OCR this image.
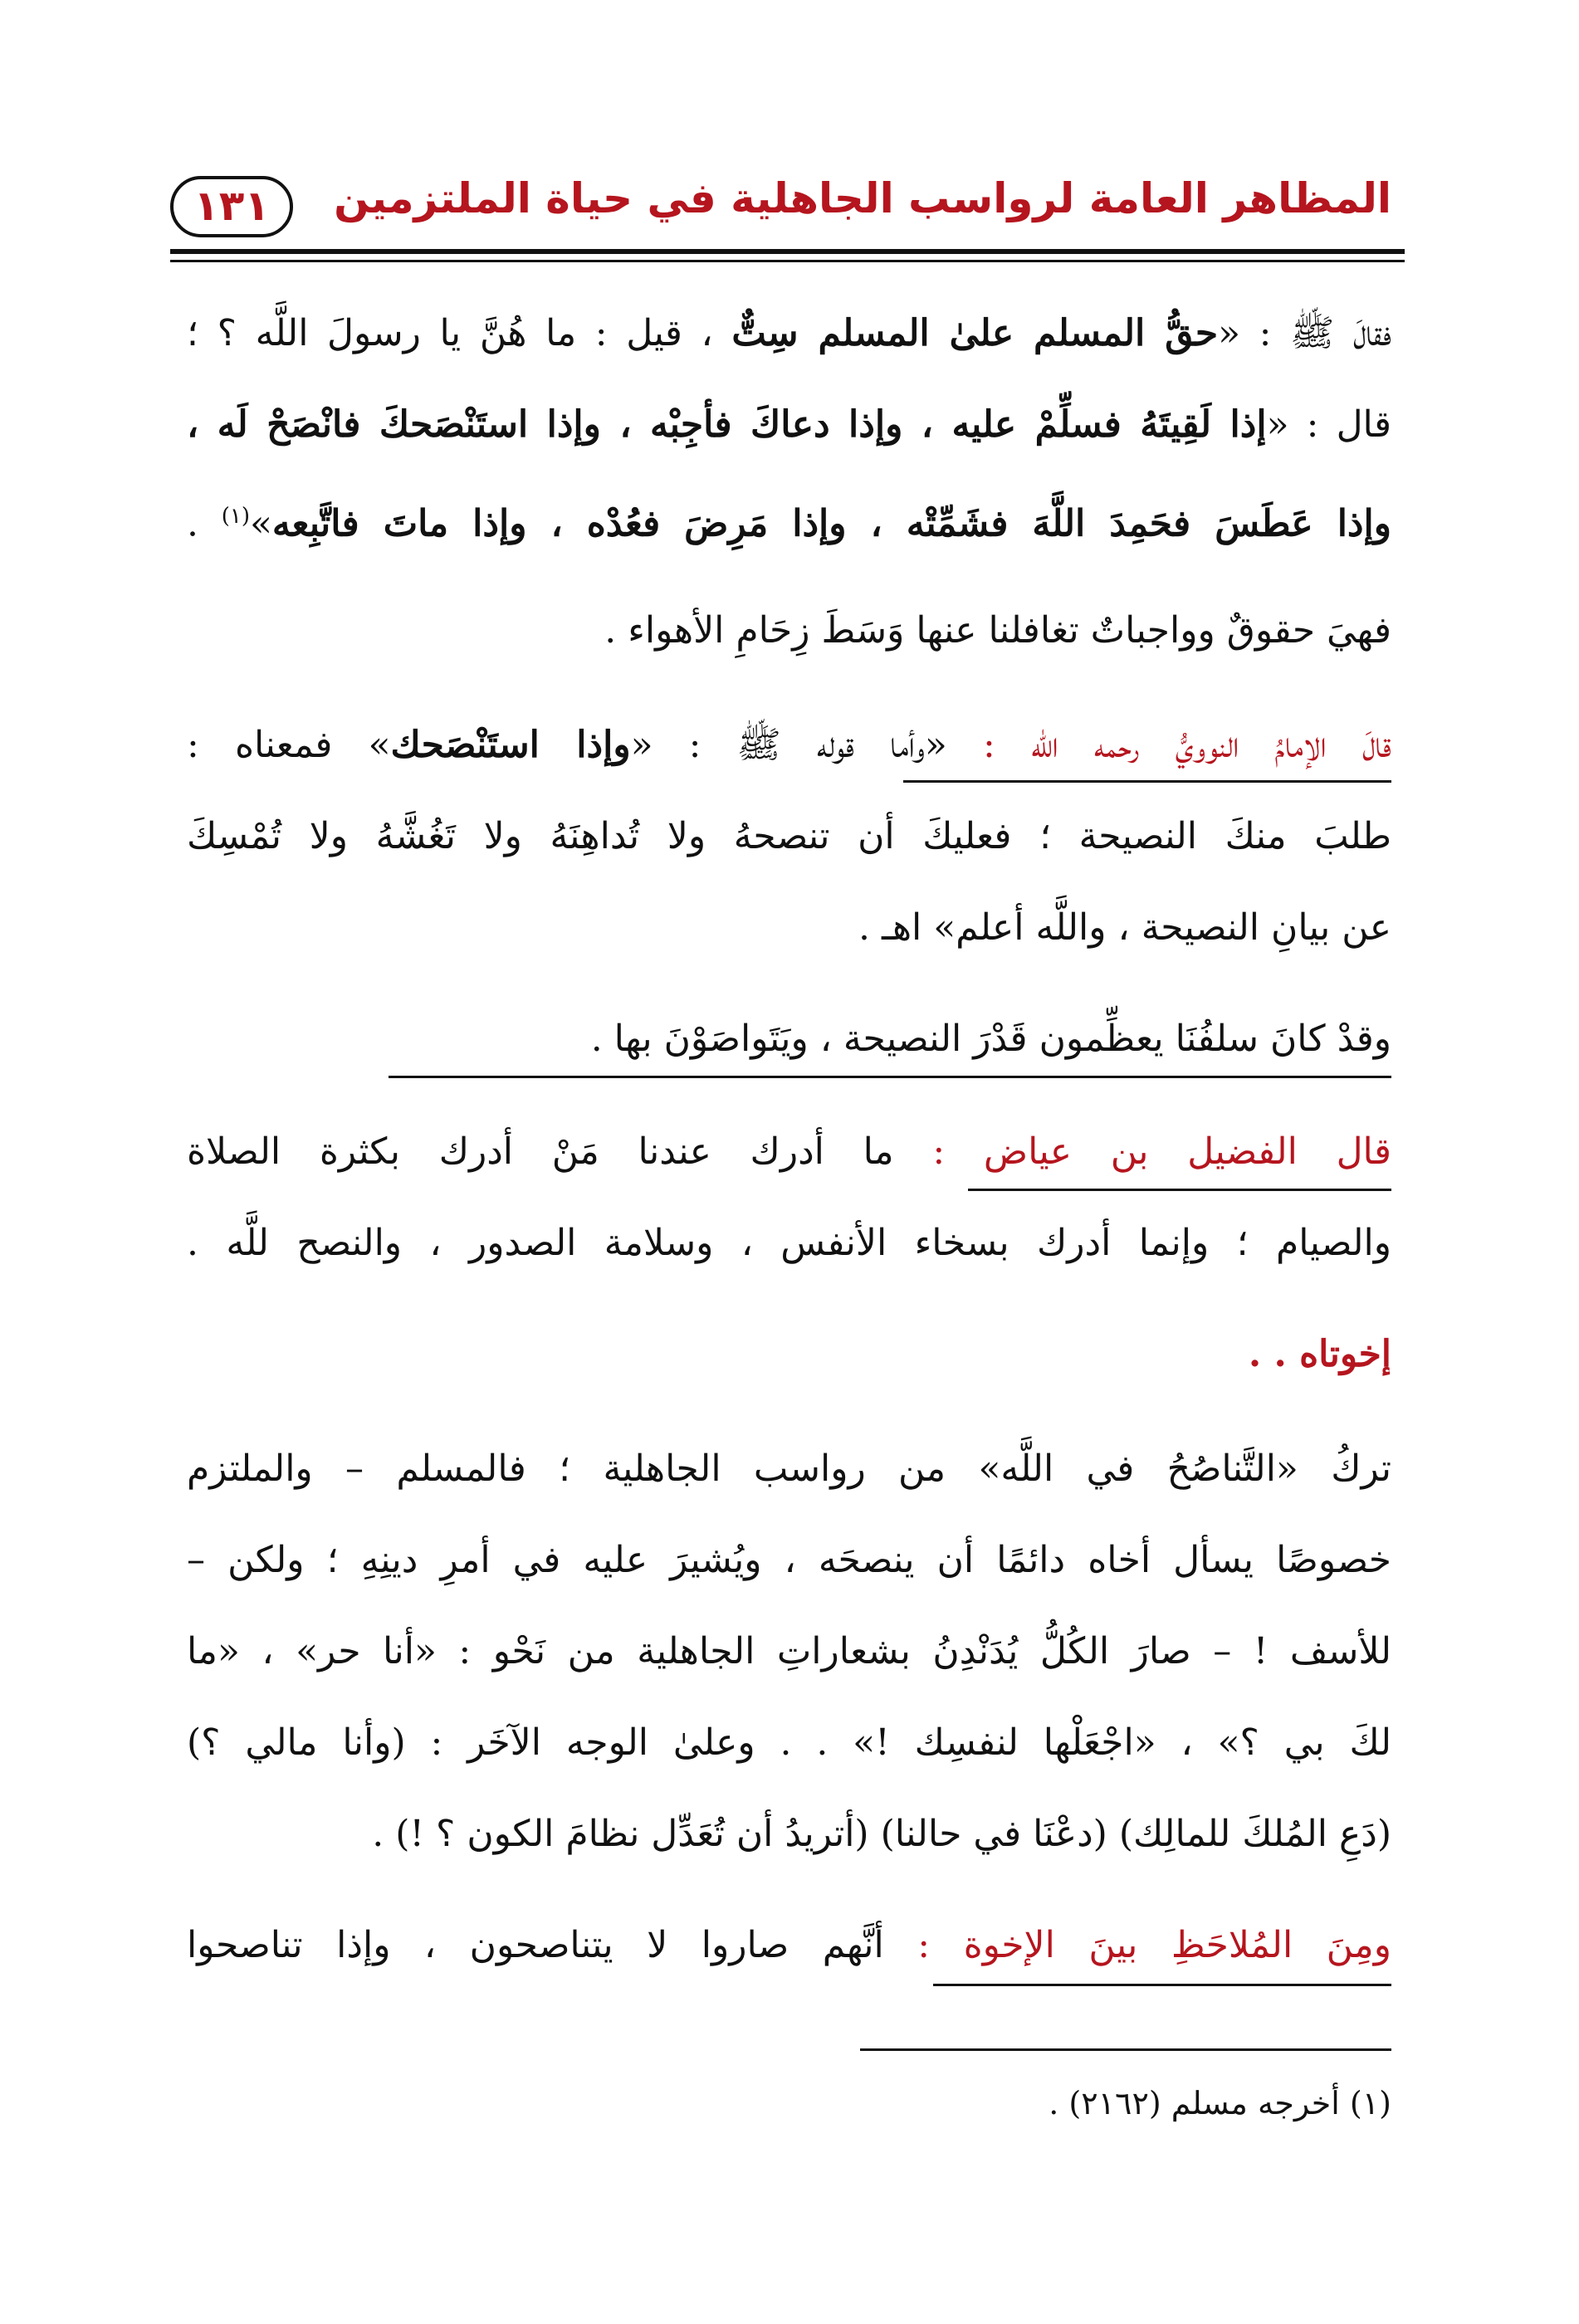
المظاهر العامة لرواسب الجاهلية في حياة الملتزمين
١٣١
فقالَ ﷺ : «حقُّ المسلم علىٰ المسلم سِتٌّ ، قيل : ما هُنَّ يا رسولَ اللَّه ؟ ؛
قال : «إذا لَقِيتَهُ فسلِّمْ عليه ، وإذا دعاكَ فأجِبْه ، وإذا استَنْصَحكَ فانْصَحْ لَه ،
وإذا عَطَسَ فحَمِدَ اللَّهَ فشَمِّتْه ، وإذا مَرِضَ فعُدْه ، وإذا ماتَ فاتَّبِعه»$^{(١)}$ .
فهيَ حقوقٌ وواجباتٌ تغافلنا عنها وَسَطَ زِحَامِ الأهواء .
قالَ الإمامُ النوويُّ رحمه الله : «وأما قوله ﷺ : «وإذا استَنْصَحك» فمعناه :
طلبَ منكَ النصيحة ؛ فعليكَ أن تنصحهُ ولا تُداهِنَهُ ولا تَغُشَّهُ ولا تُمْسِكَ
عن بيانِ النصيحة ، واللَّه أعلم» اهـ .
وقدْ كانَ سلفُنَا يعظِّمون قَدْرَ النصيحة ، ويَتَواصَوْنَ بها .
قال الفضيل بن عياض : ما أدرك عندنا مَنْ أدرك بكثرة الصلاة
والصيام ؛ وإنما أدرك بسخاء الأنفس ، وسلامة الصدور ، والنصح للَّه .
إخوتاه . .
تركُ «التَّناصُحُ في اللَّه» من رواسب الجاهلية ؛ فالمسلم – والملتزم
خصوصًا يسأل أخاه دائمًا أن ينصحَه ، ويُشيرَ عليه في أمرِ دينِهِ ؛ ولكن –
للأسف ! – صارَ الكُلُّ يُدَنْدِنُ بشعاراتِ الجاهلية من نَحْو : «أنا حر» ، «ما
لكَ بي ؟» ، «اجْعَلْها لنفسِك !» . . وعلىٰ الوجه الآخَر : (وأنا مالي ؟)
(دَعِ المُلكَ للمالِك) (دعْنَا في حالنا) (أتريدُ أن تُعَدِّل نظامَ الكون ؟ !) .
ومِنَ المُلاحَظِ بينَ الإخوة : أنَّهم صاروا لا يتناصحون ، وإذا تناصحوا
(١) أخرجه مسلم (٢١٦٢) .
